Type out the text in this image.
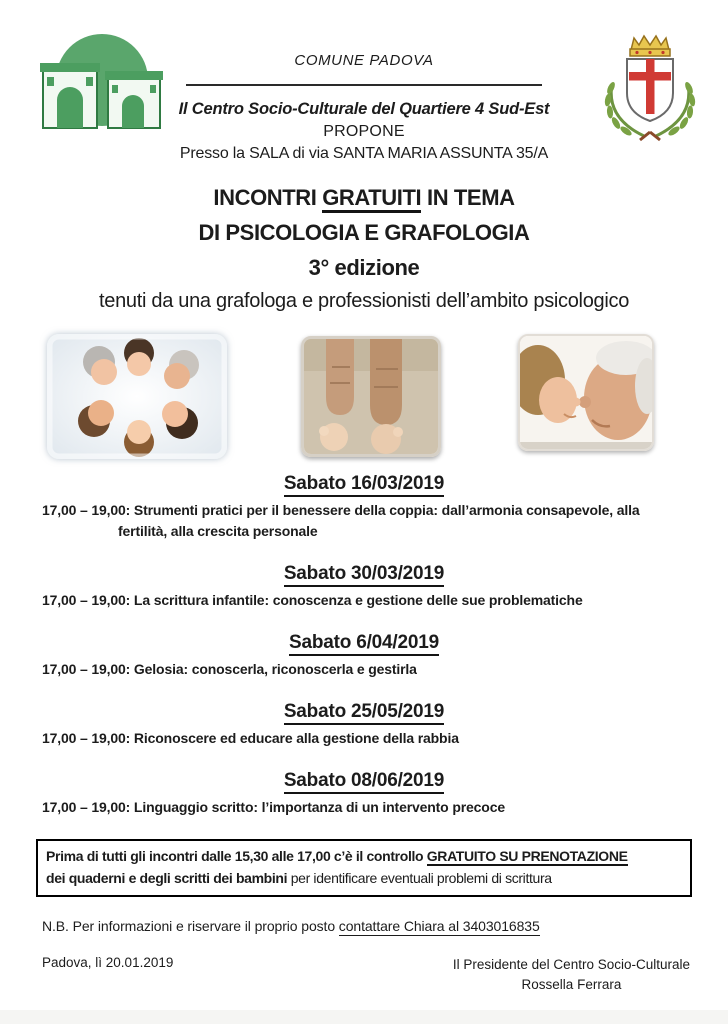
COMUNE PADOVA
Il Centro Socio-Culturale del Quartiere 4 Sud-Est
PROPONE
Presso la SALA di via SANTA MARIA ASSUNTA 35/A
INCONTRI GRATUITI IN TEMA
DI PSICOLOGIA E GRAFOLOGIA
3° edizione
tenuti da una grafologa e professionisti dell’ambito psicologico
Sabato 16/03/2019
17,00 – 19,00: Strumenti pratici per il benessere della coppia: dall’armonia consapevole, alla
fertilità, alla crescita personale
Sabato 30/03/2019
17,00 – 19,00: La scrittura infantile: conoscenza e gestione delle sue problematiche
Sabato 6/04/2019
17,00 – 19,00: Gelosia: conoscerla, riconoscerla e gestirla
Sabato 25/05/2019
17,00 – 19,00: Riconoscere ed educare alla gestione della rabbia
Sabato 08/06/2019
17,00 – 19,00: Linguaggio scritto: l’importanza di un intervento precoce
Prima di tutti gli incontri dalle 15,30 alle 17,00 c’è il controllo GRATUITO SU PRENOTAZIONE
dei quaderni e degli scritti dei bambini per identificare eventuali problemi di scrittura
N.B. Per informazioni e riservare il proprio posto contattare Chiara al 3403016835
Padova, lì 20.01.2019	Il Presidente del Centro Socio-Culturale
Rossella Ferrara
